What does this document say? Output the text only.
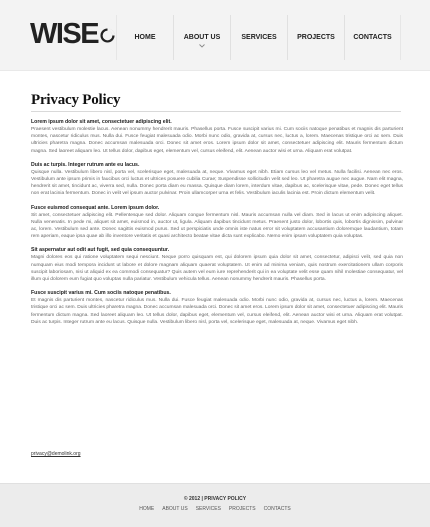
WISE	HOME	ABOUT US	SERVICES	PROJECTS	CONTACTS
Privacy Policy
Lorem ipsum dolor sit amet, consectetuer adipiscing elit.

Praesent vestibulum molestie lacus. Aenean nonummy hendrerit mauris. Phasellus porta. Fusce suscipit varius mi. Cum sociis natoque penatibus et magnis dis parturient montes, nascetur ridiculus mus. Nulla dui. Fusce feugiat malesuada odio. Morbi nunc odio, gravida at, cursus nec, luctus a, lorem. Maecenas tristique orci ac sem. Duis ultricies pharetra magna. Donec accumsan malesuada orci. Donec sit amet eros. Lorem ipsum dolor sit amet, consectetuer adipiscing elit. Mauris fermentum dictum magna. Sed laoreet aliquam leo. Ut tellus dolor, dapibus eget, elementum vel, cursus eleifend, elit. Aenean auctor wisi et urna. Aliquam erat volutpat.

Duis ac turpis. Integer rutrum ante eu lacus.

Quisque nulla. Vestibulum libero nisl, porta vel, scelerisque eget, malesuada at, neque. Vivamus eget nibh. Etiam cursus leo vel metus. Nulla facilisi. Aenean nec eros. Vestibulum ante ipsum primis in faucibus orci luctus et ultrices posuere cubilia Curae; Suspendisse sollicitudin velit sed leo. Ut pharetra augue nec augue. Nam elit magna, hendrerit sit amet, tincidunt ac, viverra sed, nulla. Donec porta diam eu massa. Quisque diam lorem, interdum vitae, dapibus ac, scelerisque vitae, pede. Donec eget tellus non erat lacinia fermentum. Donec in velit vel ipsum auctor pulvinar. Proin ullamcorper urna et felis. Vestibulum iaculis lacinia est. Proin dictum elementum velit.

Fusce euismod consequat ante. Lorem ipsum dolor.

Sit amet, consectetuer adipiscing elit. Pellentesque sed dolor. Aliquam congue fermentum nisl. Mauris accumsan nulla vel diam. Sed in lacus ut enim adipiscing aliquet. Nulla venenatis. In pede mi, aliquet sit amet, euismod in, auctor ut, ligula. Aliquam dapibus tincidunt metus. Praesent justo dolor, lobortis quis, lobortis dignissim, pulvinar ac, lorem. Vestibulum sed ante. Donec sagittis euismod purus. Sed ut perspiciatis unde omnis iste natus error sit voluptatem accusantium doloremque laudantium, totam rem aperiam, eaque ipsa quae ab illo inventore veritatis et quasi architecto beatae vitae dicta sunt explicabo. Nemo enim ipsam voluptatem quia voluptas.

Sit aspernatur aut odit aut fugit, sed quia consequuntur.

Magni dolores eos qui ratione voluptatem sequi nesciunt. Neque porro quisquam est, qui dolorem ipsum quia dolor sit amet, consectetur, adipisci velit, sed quia non numquam eius modi tempora incidunt ut labore et dolore magnam aliquam quaerat voluptatem. Ut enim ad minima veniam, quis nostrum exercitationem ullam corporis suscipit laboriosam, nisi ut aliquid ex ea commodi consequatur? Quis autem vel eum iure reprehenderit qui in ea voluptate velit esse quam nihil molestiae consequatur, vel illum qui dolorem eum fugiat quo voluptas nulla pariatur. Vestibulum vehicula tellus. Aenean nonummy hendrerit mauris. Phasellus porta.

Fusce suscipit varius mi. Cum sociis natoque penatibus.

Et magnis dis parturient montes, nascetur ridiculus mus. Nulla dui. Fusce feugiat malesuada odio. Morbi nunc odio, gravida at, cursus nec, luctus a, lorem. Maecenas tristique orci ac sem. Duis ultricies pharetra magna. Donec accumsan malesuada orci. Donec sit amet eros. Lorem ipsum dolor sit amet, consectetuer adipiscing elit. Mauris fermentum dictum magna. Sed laoreet aliquam leo. Ut tellus dolor, dapibus eget, elementum vel, cursus eleifend, elit. Aenean auctor wisi et urna. Aliquam erat volutpat. Duis ac turpis. Integer rutrum ante eu lacus. Quisque nulla. Vestibulum libero nisl, porta vel, scelerisque eget, malesuada at, neque. Vivamus eget nibh.

privacy@demolink.org
© 2012 | PRIVACY POLICY
HOME ABOUT US SERVICES PROJECTS CONTACTS
